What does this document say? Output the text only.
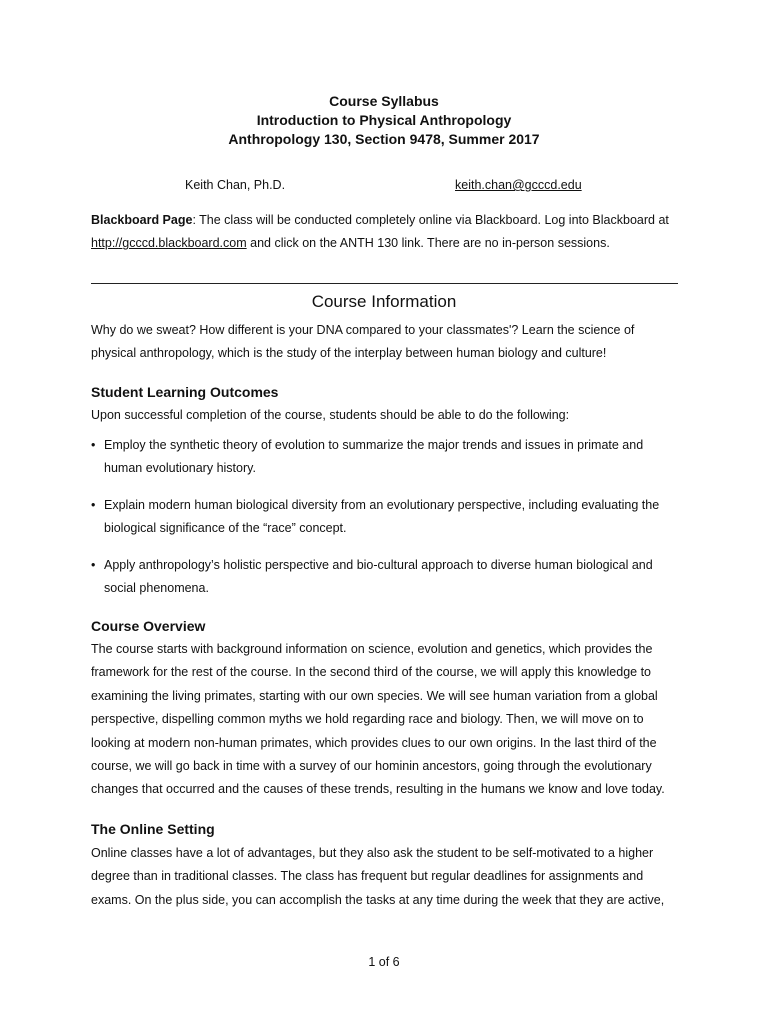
Course Syllabus
Introduction to Physical Anthropology
Anthropology 130, Section 9478, Summer 2017
Keith Chan, Ph.D.	keith.chan@gcccd.edu
Blackboard Page: The class will be conducted completely online via Blackboard. Log into Blackboard at http://gcccd.blackboard.com and click on the ANTH 130 link. There are no in-person sessions.
Course Information
Why do we sweat? How different is your DNA compared to your classmates'? Learn the science of physical anthropology, which is the study of the interplay between human biology and culture!
Student Learning Outcomes
Upon successful completion of the course, students should be able to do the following:
• Employ the synthetic theory of evolution to summarize the major trends and issues in primate and human evolutionary history.
• Explain modern human biological diversity from an evolutionary perspective, including evaluating the biological significance of the “race” concept.
• Apply anthropology’s holistic perspective and bio-cultural approach to diverse human biological and social phenomena.
Course Overview
The course starts with background information on science, evolution and genetics, which provides the framework for the rest of the course. In the second third of the course, we will apply this knowledge to examining the living primates, starting with our own species. We will see human variation from a global perspective, dispelling common myths we hold regarding race and biology. Then, we will move on to looking at modern non-human primates, which provides clues to our own origins. In the last third of the course, we will go back in time with a survey of our hominin ancestors, going through the evolutionary changes that occurred and the causes of these trends, resulting in the humans we know and love today.
The Online Setting
Online classes have a lot of advantages, but they also ask the student to be self-motivated to a higher degree than in traditional classes. The class has frequent but regular deadlines for assignments and exams. On the plus side, you can accomplish the tasks at any time during the week that they are active,
1 of 6
